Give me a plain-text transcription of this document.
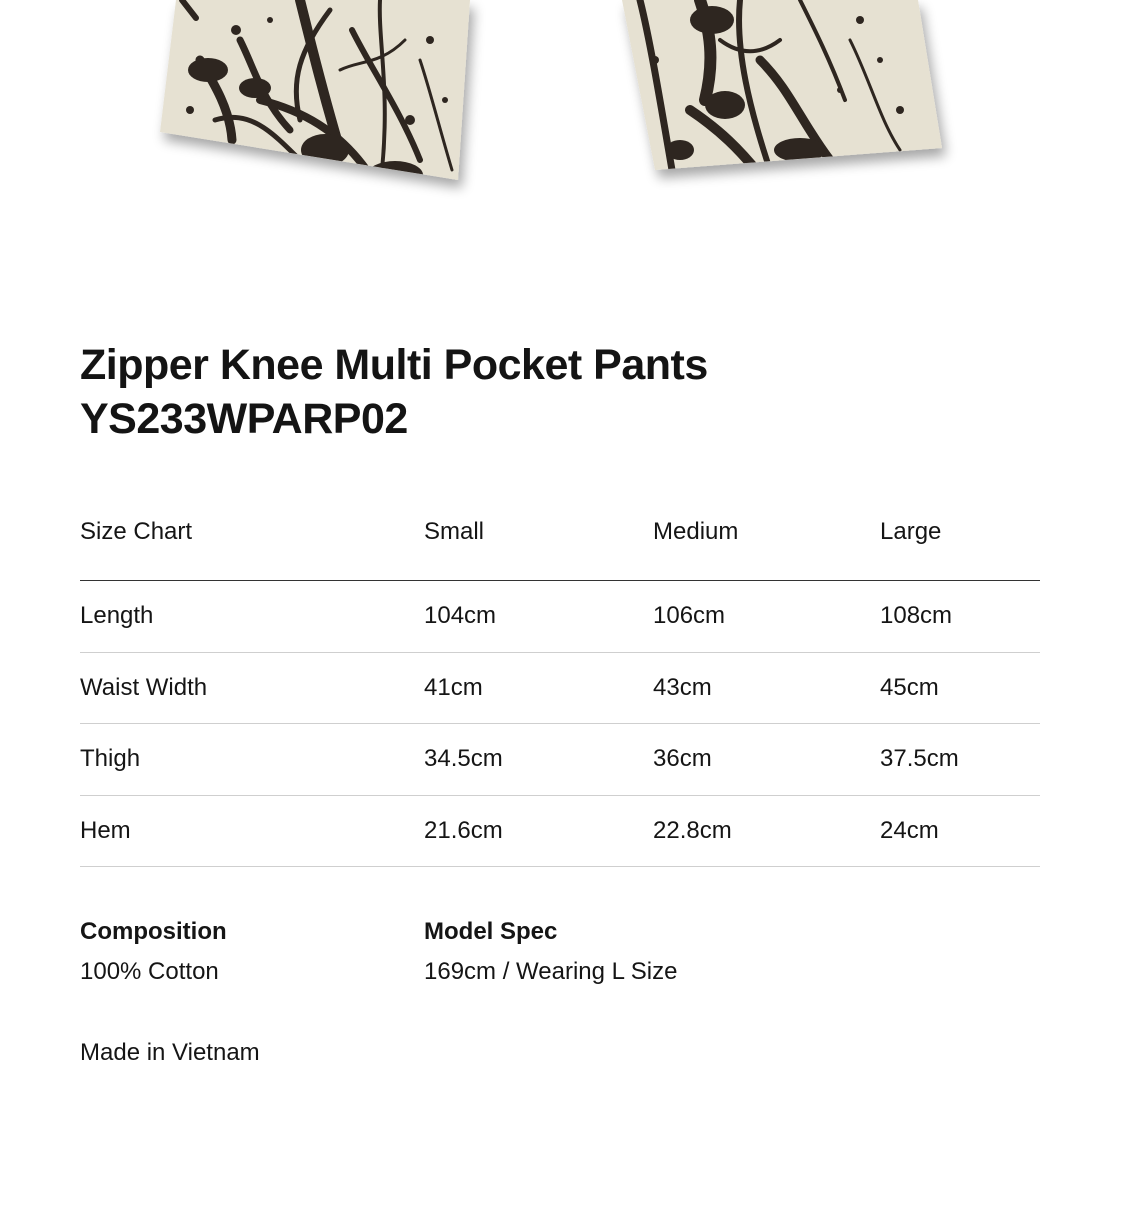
Zipper Knee Multi Pocket Pants
YS233WPARP02
Size Chart	Small	Medium	Large
Length	104cm	106cm	108cm
Waist Width	41cm	43cm	45cm
Thigh	34.5cm	36cm	37.5cm
Hem	21.6cm	22.8cm	24cm
Composition
100% Cotton
Model Spec
169cm / Wearing L Size
Made in Vietnam
